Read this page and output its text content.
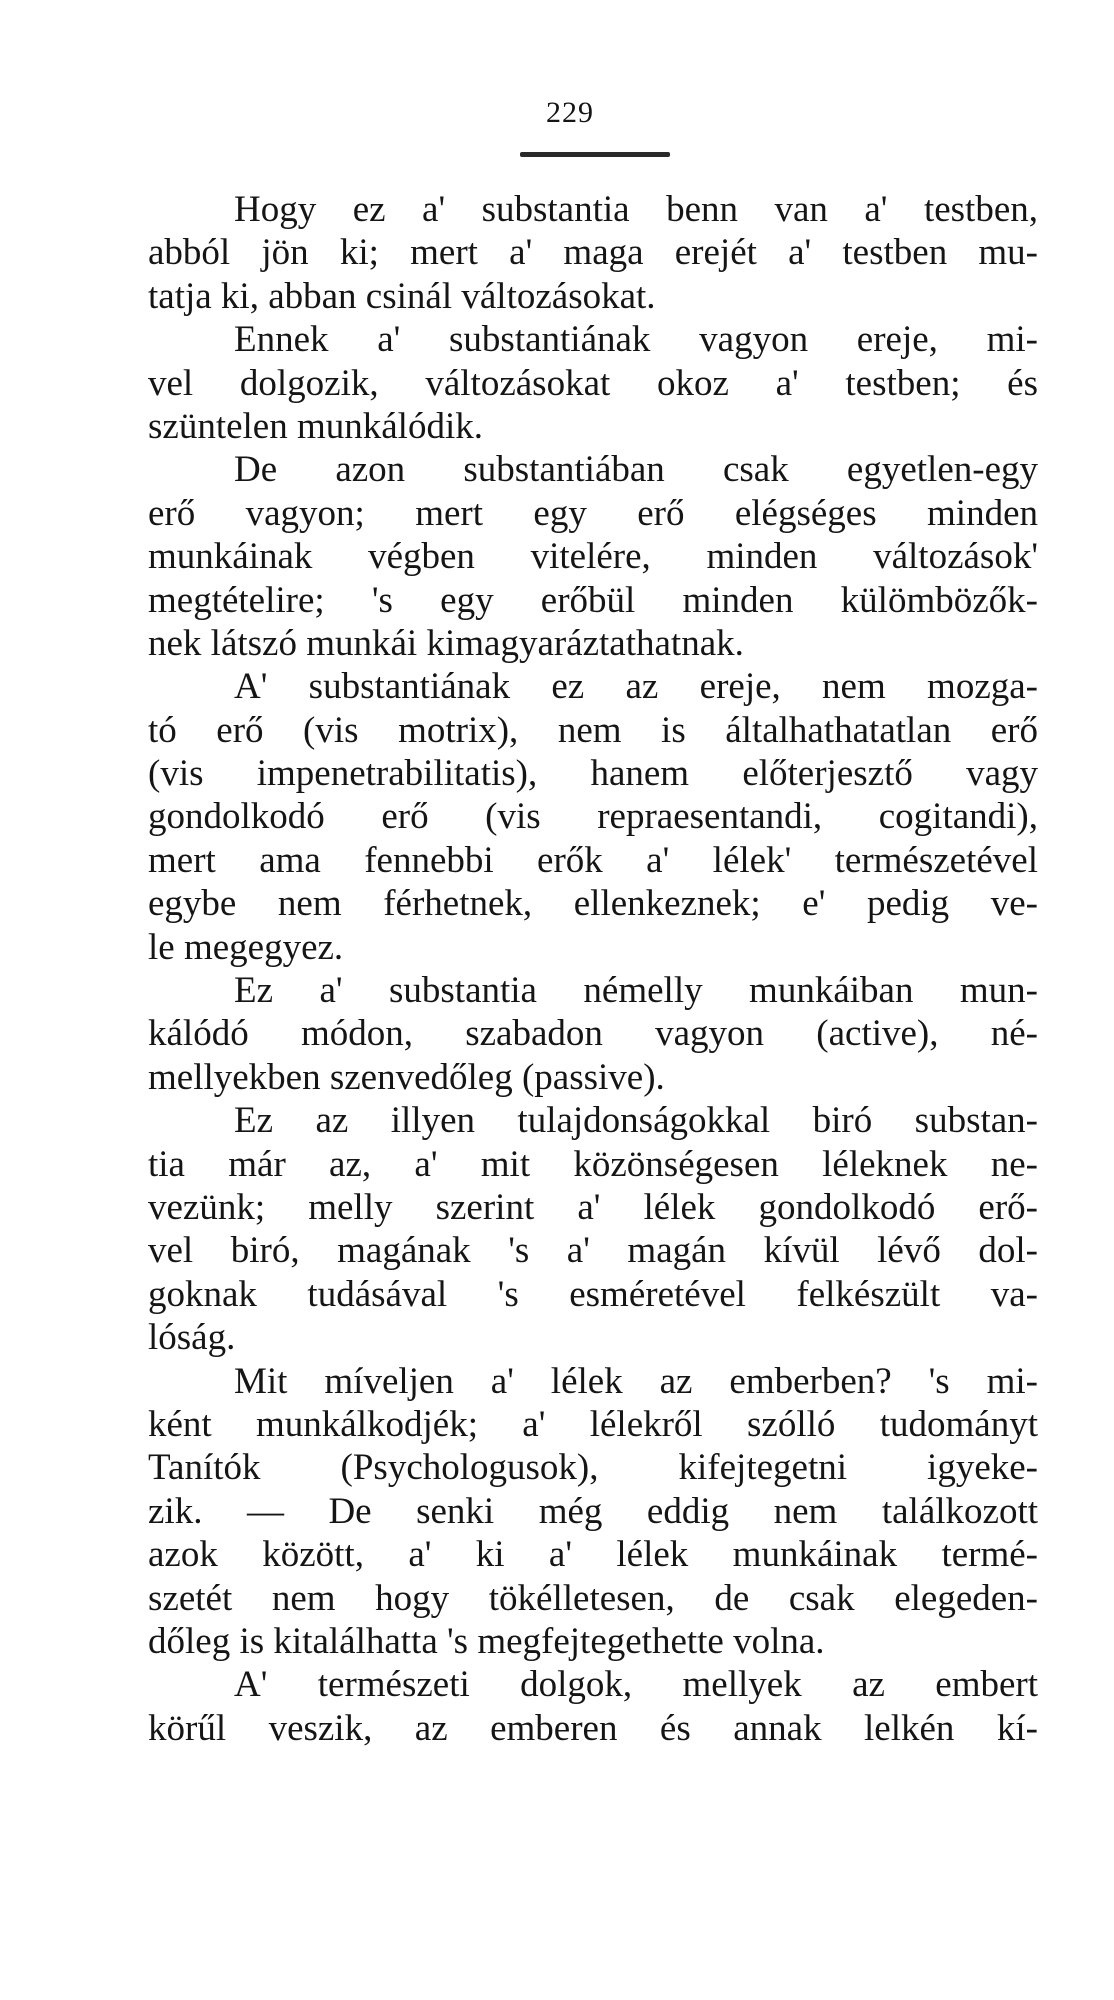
229
Hogy ez a' substantia benn van a' testben,
abból jön ki; mert a' maga erejét a' testben mu-
tatja ki, abban csinál változásokat.
Ennek a' substantiának vagyon ereje, mi-
vel dolgozik, változásokat okoz a' testben; és
szüntelen munkálódik.
De azon substantiában csak egyetlen-egy
erő vagyon; mert egy erő elégséges minden
munkáinak végben vitelére, minden változások'
megtételire; 's egy erőbül minden külömbözők-
nek látszó munkái kimagyaráztathatnak.
A' substantiának ez az ereje, nem mozga-
tó erő (vis motrix), nem is általhathatatlan erő
(vis impenetrabilitatis), hanem előterjesztő vagy
gondolkodó erő (vis repraesentandi, cogitandi),
mert ama fennebbi erők a' lélek' természetével
egybe nem férhetnek, ellenkeznek; e' pedig ve-
le megegyez.
Ez a' substantia némelly munkáiban mun-
kálódó módon, szabadon vagyon (active), né-
mellyekben szenvedőleg (passive).
Ez az illyen tulajdonságokkal biró substan-
tia már az, a' mit közönségesen léleknek ne-
vezünk; melly szerint a' lélek gondolkodó erő-
vel biró, magának 's a' magán kívül lévő dol-
goknak tudásával 's esméretével felkészült va-
lóság.
Mit míveljen a' lélek az emberben? 's mi-
ként munkálkodjék; a' lélekről szólló tudományt
Tanítók (Psychologusok), kifejtegetni igyeke-
zik. — De senki még eddig nem találkozott
azok között, a' ki a' lélek munkáinak termé-
szetét nem hogy tökélletesen, de csak elegeden-
dőleg is kitalálhatta 's megfejtegethette volna.
A' természeti dolgok, mellyek az embert
körűl veszik, az emberen és annak lelkén kí-
